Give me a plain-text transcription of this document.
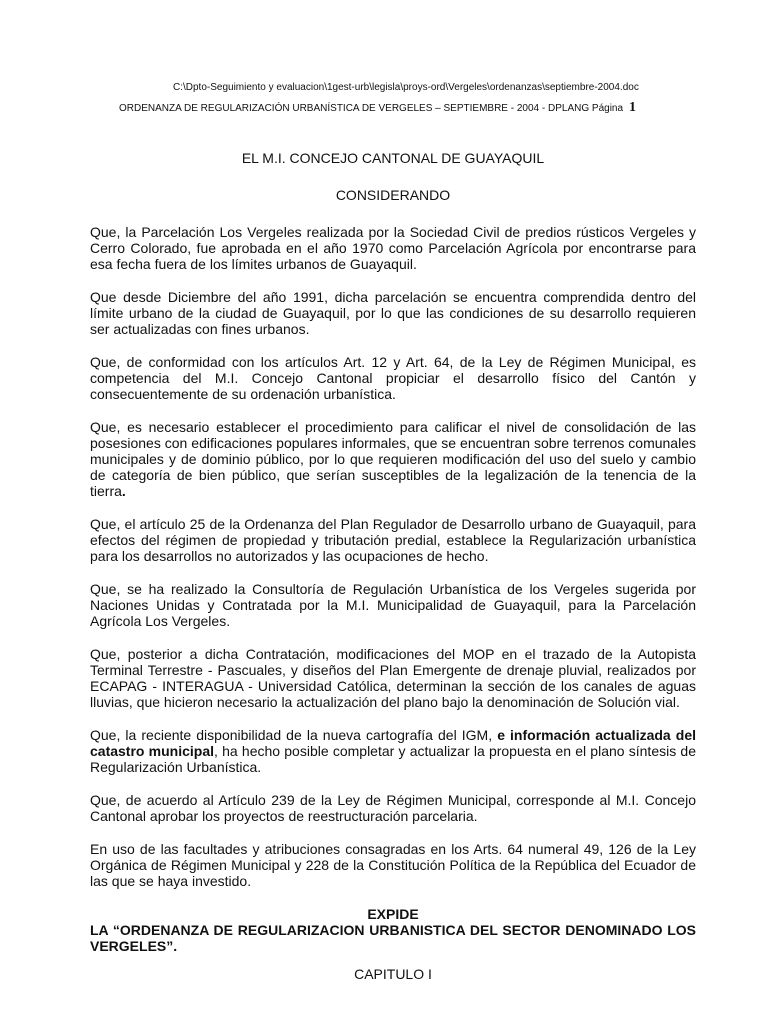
C:\Dpto-Seguimiento y evaluacion\1gest-urb\legisla\proys-ord\Vergeles\ordenanzas\septiembre-2004.doc
ORDENANZA DE REGULARIZACIÓN URBANÍSTICA DE VERGELES – SEPTIEMBRE - 2004 - DPLANG Página 1
EL M.I. CONCEJO CANTONAL DE GUAYAQUIL
CONSIDERANDO

Que, la Parcelación Los Vergeles realizada por la Sociedad Civil de predios rústicos Vergeles y Cerro Colorado, fue aprobada en el año 1970 como Parcelación Agrícola por encontrarse para esa fecha fuera de los límites urbanos de Guayaquil.

Que desde Diciembre del año 1991, dicha parcelación se encuentra comprendida dentro del límite urbano de la ciudad de Guayaquil, por lo que las condiciones de su desarrollo requieren ser actualizadas con fines urbanos.

Que, de conformidad con los artículos Art. 12 y Art. 64, de la Ley de Régimen Municipal, es competencia del M.I. Concejo Cantonal propiciar el desarrollo físico del Cantón y consecuentemente de su ordenación urbanística.

Que, es necesario establecer el procedimiento para calificar el nivel de consolidación de las posesiones con edificaciones populares informales, que se encuentran sobre terrenos comunales municipales y de dominio público, por lo que requieren modificación del uso del suelo y cambio de categoría de bien público, que serían susceptibles de la legalización de la tenencia de la tierra.

Que, el artículo 25 de la Ordenanza del Plan Regulador de Desarrollo urbano de Guayaquil, para efectos del régimen de propiedad y tributación predial, establece la Regularización urbanística para los desarrollos no autorizados y las ocupaciones de hecho.

Que, se ha realizado la Consultoría de Regulación Urbanística de los Vergeles sugerida por Naciones Unidas y Contratada por la M.I. Municipalidad de Guayaquil, para la Parcelación Agrícola Los Vergeles.

Que, posterior a dicha Contratación, modificaciones del MOP en el trazado de la Autopista Terminal Terrestre - Pascuales, y diseños del Plan Emergente de drenaje pluvial, realizados por ECAPAG - INTERAGUA - Universidad Católica, determinan la sección de los canales de aguas lluvias, que hicieron necesario la actualización del plano bajo la denominación de Solución vial.

Que, la reciente disponibilidad de la nueva cartografía del IGM, e información actualizada del catastro municipal, ha hecho posible completar y actualizar la propuesta en el plano síntesis de Regularización Urbanística.

Que, de acuerdo al Artículo 239 de la Ley de Régimen Municipal, corresponde al M.I. Concejo Cantonal aprobar los proyectos de reestructuración parcelaria.

En uso de las facultades y atribuciones consagradas en los Arts. 64 numeral 49, 126 de la Ley Orgánica de Régimen Municipal y 228 de la Constitución Política de la República del Ecuador de las que se haya investido.

EXPIDE
LA “ORDENANZA DE REGULARIZACION URBANISTICA DEL SECTOR DENOMINADO LOS VERGELES”.
CAPITULO I
